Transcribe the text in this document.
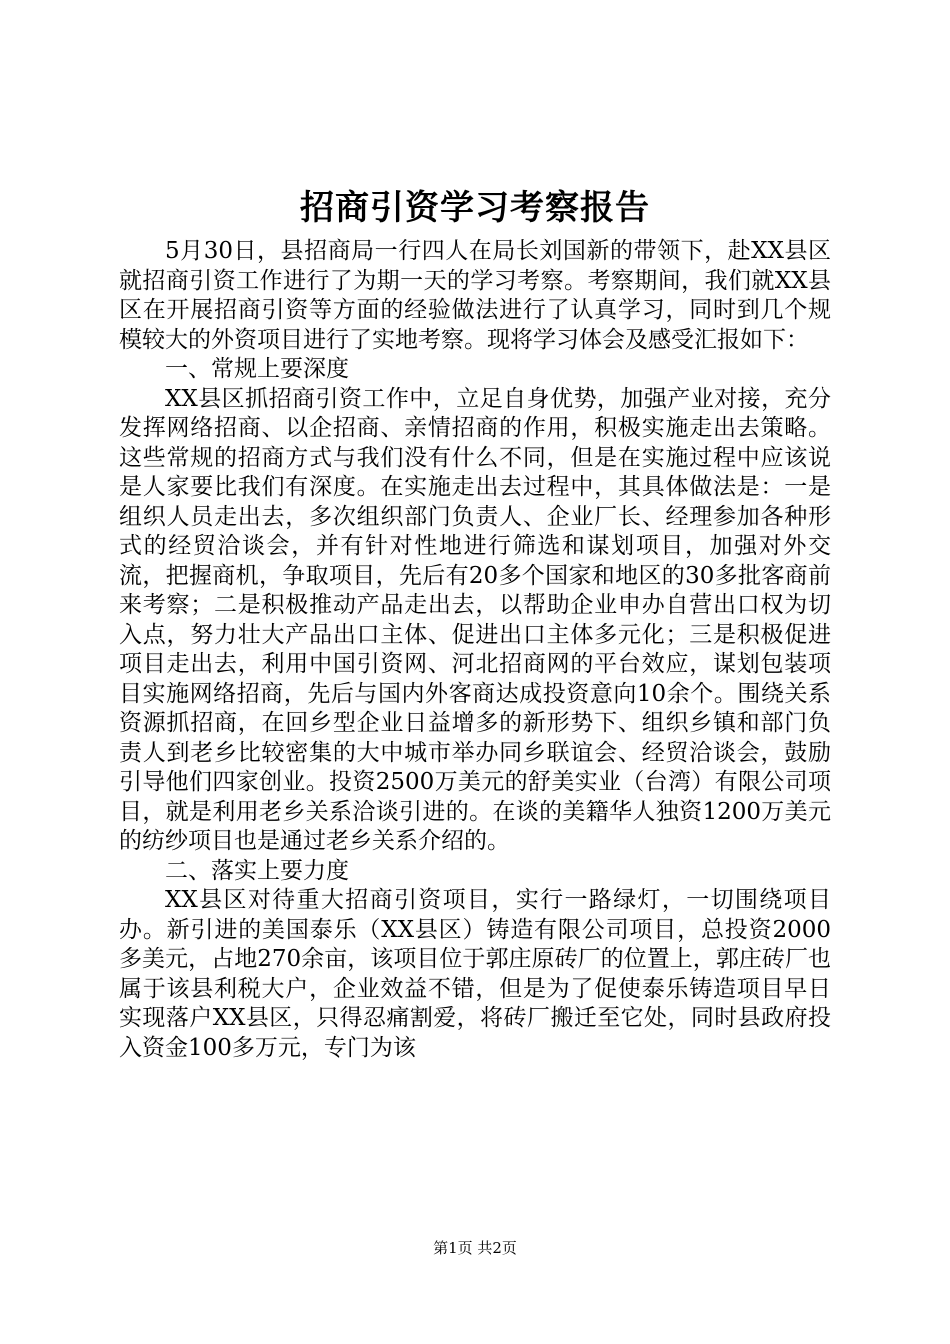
招商引资学习考察报告

5月30日，县招商局一行四人在局长刘国新的带领下，赴XX县区就招商引资工作进行了为期一天的学习考察。考察期间，我们就XX县区在开展招商引资等方面的经验做法进行了认真学习，同时到几个规模较大的外资项目进行了实地考察。现将学习体会及感受汇报如下：

一、常规上要深度

XX县区抓招商引资工作中，立足自身优势，加强产业对接，充分发挥网络招商、以企招商、亲情招商的作用，积极实施走出去策略。这些常规的招商方式与我们没有什么不同，但是在实施过程中应该说是人家要比我们有深度。在实施走出去过程中，其具体做法是：一是组织人员走出去，多次组织部门负责人、企业厂长、经理参加各种形式的经贸洽谈会，并有针对性地进行筛选和谋划项目，加强对外交流，把握商机，争取项目，先后有20多个国家和地区的30多批客商前来考察；二是积极推动产品走出去，以帮助企业申办自营出口权为切入点，努力壮大产品出口主体、促进出口主体多元化；三是积极促进项目走出去，利用中国引资网、河北招商网的平台效应，谋划包装项目实施网络招商，先后与国内外客商达成投资意向10余个。围绕关系资源抓招商，在回乡型企业日益增多的新形势下、组织乡镇和部门负责人到老乡比较密集的大中城市举办同乡联谊会、经贸洽谈会，鼓励引导他们四家创业。投资2500万美元的舒美实业（台湾）有限公司项目，就是利用老乡关系洽谈引进的。在谈的美籍华人独资1200万美元的纺纱项目也是通过老乡关系介绍的。

二、落实上要力度

XX县区对待重大招商引资项目，实行一路绿灯，一切围绕项目办。新引进的美国泰乐（XX县区）铸造有限公司项目，总投资2000多美元，占地270余亩，该项目位于郭庄原砖厂的位置上，郭庄砖厂也属于该县利税大户，企业效益不错，但是为了促使泰乐铸造项目早日实现落户XX县区，只得忍痛割爱，将砖厂搬迁至它处，同时县政府投入资金100多万元，专门为该

第1页 共2页
